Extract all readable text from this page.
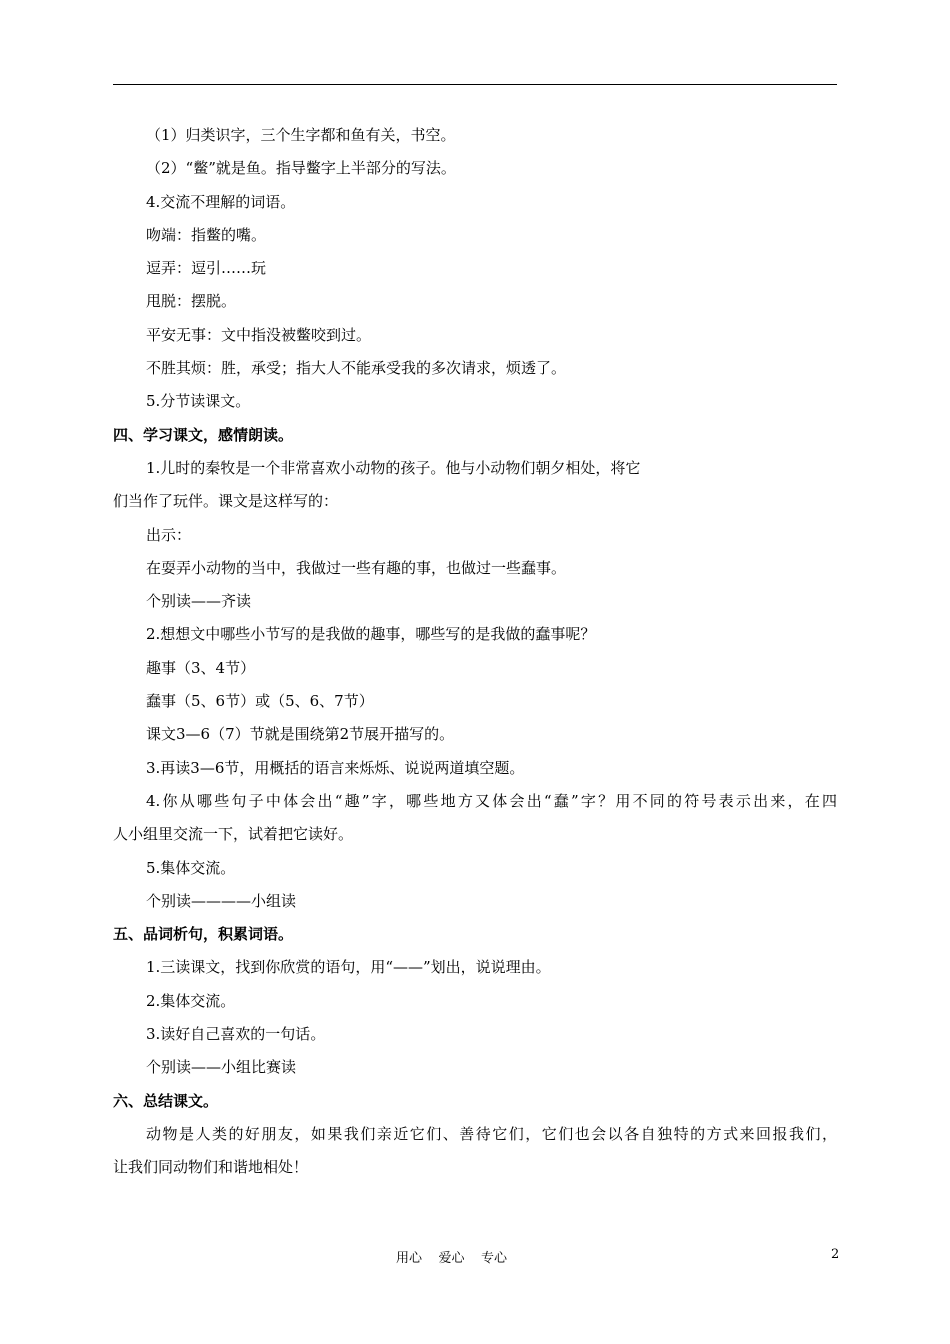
（1）归类识字，三个生字都和鱼有关，书空。
（2）“鳖”就是鱼。指导鳖字上半部分的写法。
4.交流不理解的词语。
吻端：指鳖的嘴。
逗弄：逗引……玩
甩脱：摆脱。
平安无事：文中指没被鳖咬到过。
不胜其烦：胜，承受；指大人不能承受我的多次请求，烦透了。
5.分节读课文。
四、学习课文，感情朗读。
1.儿时的秦牧是一个非常喜欢小动物的孩子。他与小动物们朝夕相处，将它
们当作了玩伴。课文是这样写的：
出示：
在耍弄小动物的当中，我做过一些有趣的事，也做过一些蠢事。
个别读——齐读
2.想想文中哪些小节写的是我做的趣事，哪些写的是我做的蠢事呢？
趣事（3、4节）
蠢事（5、6节）或（5、6、7节）
课文3—6（7）节就是围绕第2节展开描写的。
3.再读3—6节，用概括的语言来烁烁、说说两道填空题。
4.你从哪些句子中体会出“趣”字，哪些地方又体会出“蠢”字？用不同的符号表示出来，在四
人小组里交流一下，试着把它读好。
5.集体交流。
个别读————小组读
五、品词析句，积累词语。
1.三读课文，找到你欣赏的语句，用“——”划出，说说理由。
2.集体交流。
3.读好自己喜欢的一句话。
个别读——小组比赛读
六、总结课文。
动物是人类的好朋友，如果我们亲近它们、善待它们，它们也会以各自独特的方式来回报我们，
让我们同动物们和谐地相处！
用心    爱心    专心	2
